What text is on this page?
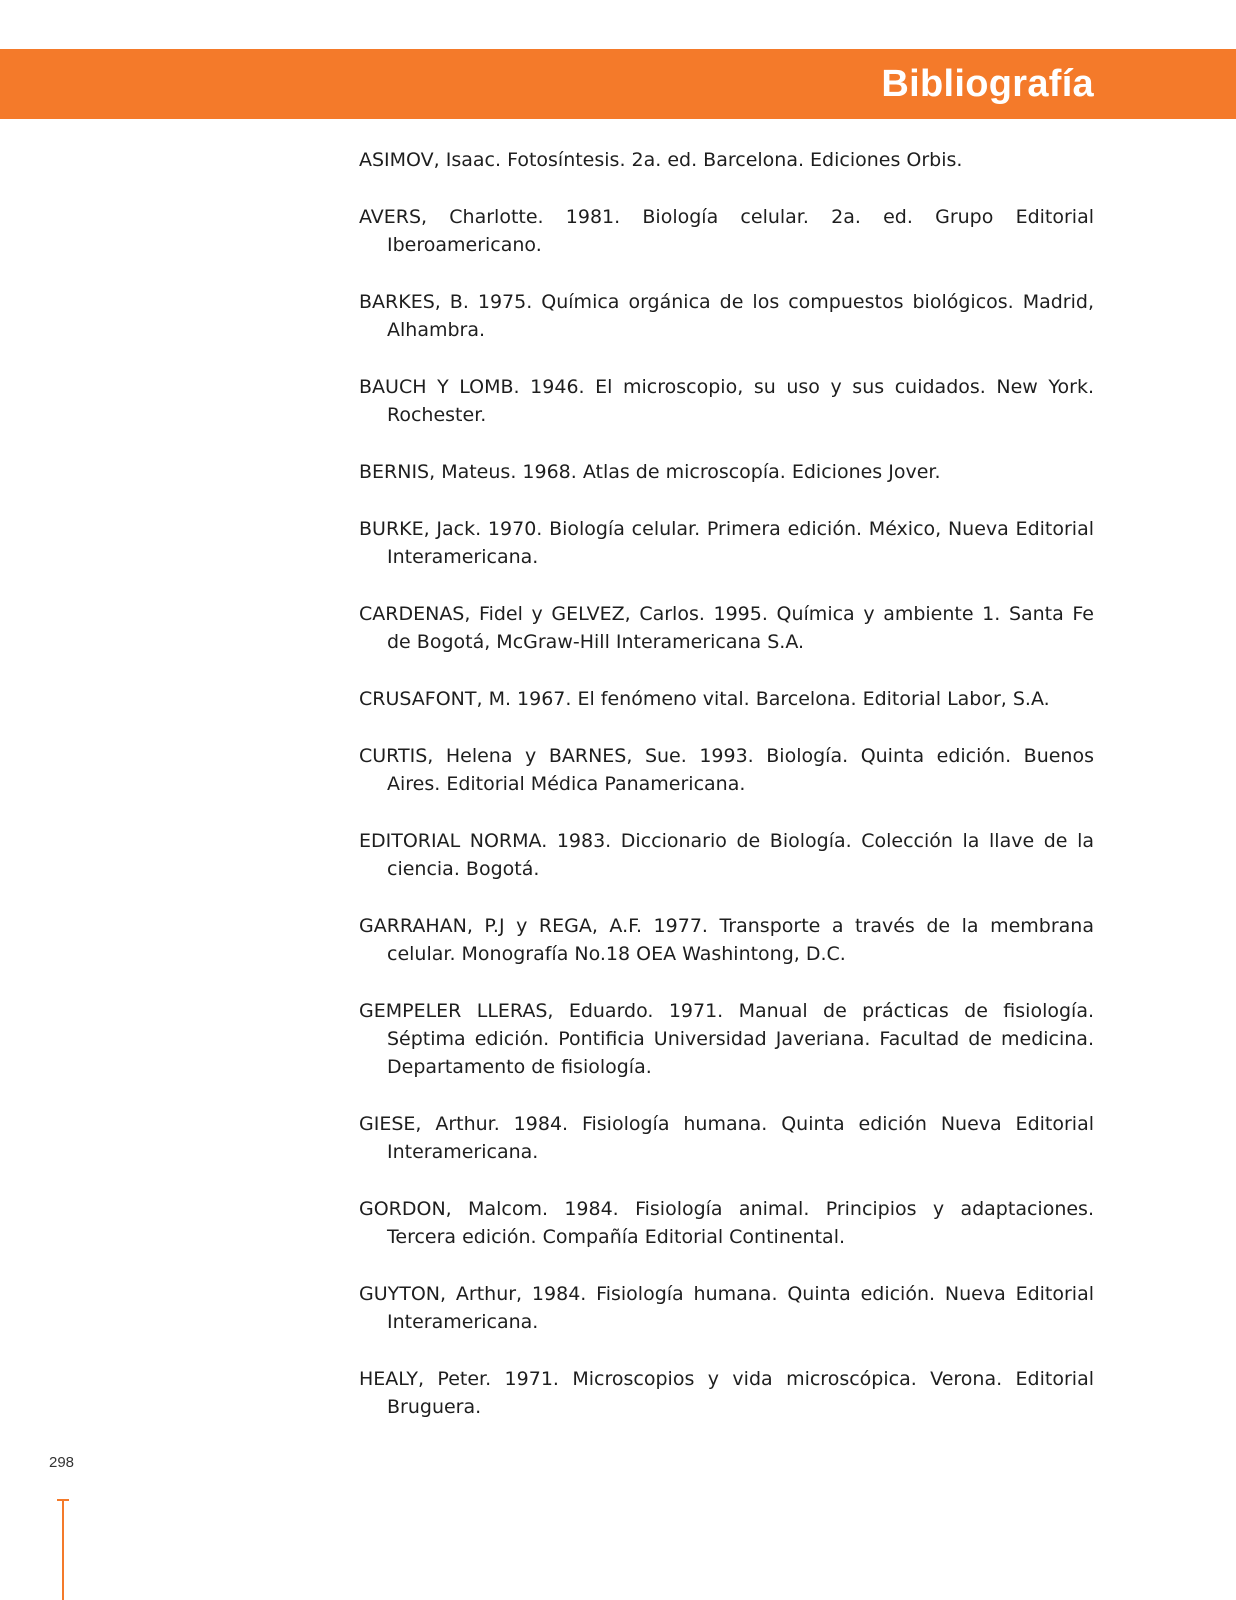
Bibliografía
ASIMOV, Isaac. Fotosíntesis. 2a. ed. Barcelona. Ediciones Orbis.
AVERS, Charlotte. 1981. Biología celular. 2a. ed. Grupo Editorial Iberoamericano.
BARKES, B. 1975. Química orgánica de los compuestos biológicos. Madrid, Alhambra.
BAUCH Y LOMB. 1946. El microscopio, su uso y sus cuidados. New York. Rochester.
BERNIS, Mateus. 1968. Atlas de microscopía. Ediciones Jover.
BURKE, Jack. 1970. Biología celular. Primera edición. México, Nueva Editorial Interamericana.
CARDENAS, Fidel y GELVEZ, Carlos. 1995. Química y ambiente 1. Santa Fe de Bogotá, McGraw-Hill Interamericana S.A.
CRUSAFONT, M. 1967. El fenómeno vital. Barcelona. Editorial Labor, S.A.
CURTIS, Helena y BARNES, Sue. 1993. Biología. Quinta edición. Buenos Aires. Editorial Médica Panamericana.
EDITORIAL NORMA. 1983. Diccionario de Biología. Colección la llave de la ciencia. Bogotá.
GARRAHAN, P.J y REGA, A.F. 1977. Transporte a través de la membrana celular. Monografía No.18 OEA Washintong, D.C.
GEMPELER LLERAS, Eduardo. 1971. Manual de prácticas de fisiología. Séptima edición. Pontificia Universidad Javeriana. Facultad de medicina. Departamento de fisiología.
GIESE, Arthur. 1984. Fisiología humana. Quinta edición Nueva Editorial Interamericana.
GORDON, Malcom. 1984. Fisiología animal. Principios y adaptaciones. Tercera edición. Compañía Editorial Continental.
GUYTON, Arthur, 1984. Fisiología humana. Quinta edición. Nueva Editorial Interamericana.
HEALY, Peter. 1971. Microscopios y vida microscópica. Verona. Editorial Bruguera.
298
